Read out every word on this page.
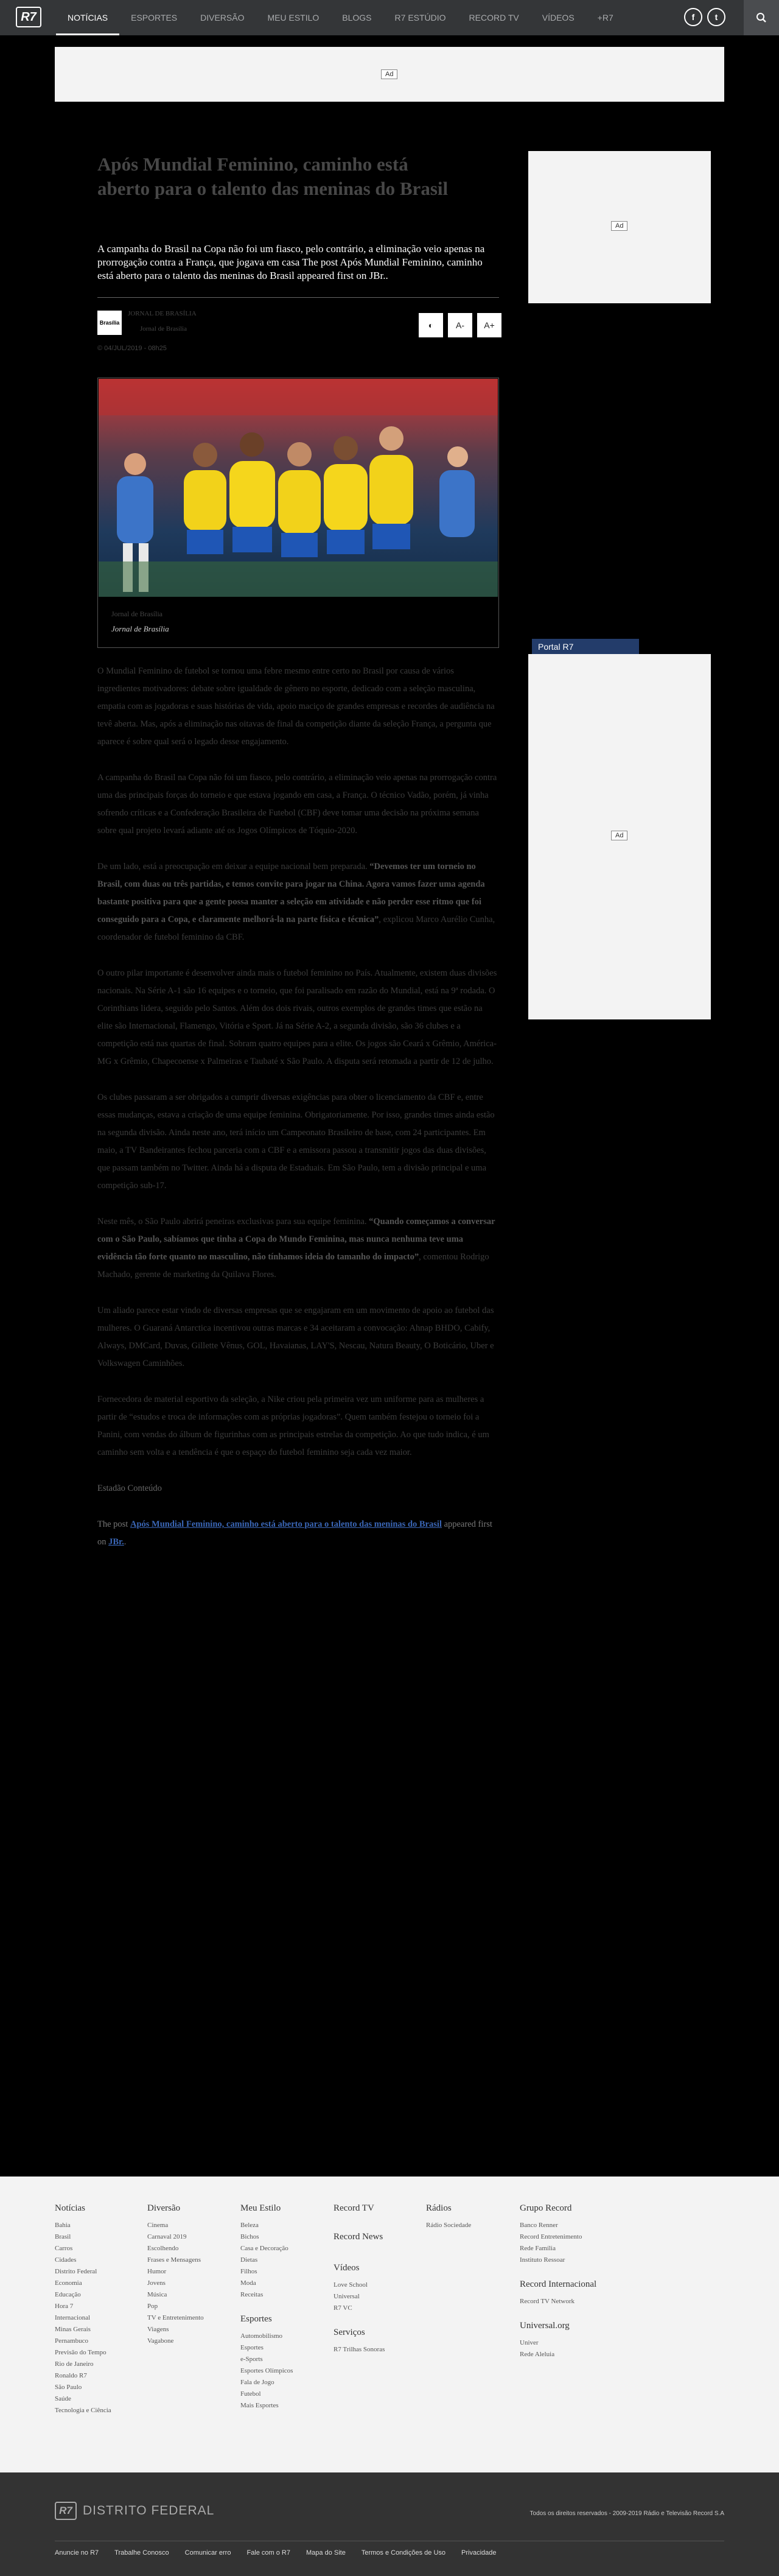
R7	NOTÍCIAS	ESPORTES	DIVERSÃO	MEU ESTILO	BLOGS	R7 ESTÚDIO	RECORD TV	VÍDEOS	+R7	f	t
Ad
Ad
Portal R7
Ad
Após Mundial Feminino, caminho está aberto para o talento das meninas do Brasil

A campanha do Brasil na Copa não foi um fiasco, pelo contrário, a eliminação veio apenas na prorrogação contra a França, que jogava em casa The post Após Mundial Feminino, caminho está aberto para o talento das meninas do Brasil appeared first on JBr..

Brasília
JORNAL DE BRASÍLIA
Jornal de Brasília
© 04/JUL/2019 - 08h25
◐	A-	A+
Jornal de Brasília
Jornal de Brasília

O Mundial Feminino de futebol se tornou uma febre mesmo entre certo no Brasil por causa de vários ingredientes motivadores: debate sobre igualdade de gênero no esporte, dedicado com a seleção masculina, empatia com as jogadoras e suas histórias de vida, apoio maciço de grandes empresas e recordes de audiência na tevê aberta. Mas, após a eliminação nas oitavas de final da competição diante da seleção França, a pergunta que aparece é sobre qual será o legado desse engajamento.

A campanha do Brasil na Copa não foi um fiasco, pelo contrário, a eliminação veio apenas na prorrogação contra uma das principais forças do torneio e que estava jogando em casa, a França. O técnico Vadão, porém, já vinha sofrendo críticas e a Confederação Brasileira de Futebol (CBF) deve tomar uma decisão na próxima semana sobre qual projeto levará adiante até os Jogos Olímpicos de Tóquio-2020.

De um lado, está a preocupação em deixar a equipe nacional bem preparada. “Devemos ter um torneio no Brasil, com duas ou três partidas, e temos convite para jogar na China. Agora vamos fazer uma agenda bastante positiva para que a gente possa manter a seleção em atividade e não perder esse ritmo que foi conseguido para a Copa, e claramente melhorá-la na parte física e técnica”, explicou Marco Aurélio Cunha, coordenador de futebol feminino da CBF.

O outro pilar importante é desenvolver ainda mais o futebol feminino no País. Atualmente, existem duas divisões nacionais. Na Série A-1 são 16 equipes e o torneio, que foi paralisado em razão do Mundial, está na 9ª rodada. O Corinthians lidera, seguido pelo Santos. Além dos dois rivais, outros exemplos de grandes times que estão na elite são Internacional, Flamengo, Vitória e Sport. Já na Série A-2, a segunda divisão, são 36 clubes e a competição está nas quartas de final. Sobram quatro equipes para a elite. Os jogos são Ceará x Grêmio, América-MG x Grêmio, Chapecoense x Palmeiras e Taubaté x São Paulo. A disputa será retomada a partir de 12 de julho.

Os clubes passaram a ser obrigados a cumprir diversas exigências para obter o licenciamento da CBF e, entre essas mudanças, estava a criação de uma equipe feminina. Obrigatoriamente. Por isso, grandes times ainda estão na segunda divisão. Ainda neste ano, terá início um Campeonato Brasileiro de base, com 24 participantes. Em maio, a TV Bandeirantes fechou parceria com a CBF e a emissora passou a transmitir jogos das duas divisões, que passam também no Twitter. Ainda há a disputa de Estaduais. Em São Paulo, tem a divisão principal e uma competição sub-17.

Neste mês, o São Paulo abrirá peneiras exclusivas para sua equipe feminina. “Quando começamos a conversar com o São Paulo, sabíamos que tinha a Copa do Mundo Feminina, mas nunca nenhuma teve uma evidência tão forte quanto no masculino, não tínhamos ideia do tamanho do impacto”, comentou Rodrigo Machado, gerente de marketing da Quilava Flores.

Um aliado parece estar vindo de diversas empresas que se engajaram em um movimento de apoio ao futebol das mulheres. O Guaraná Antarctica incentivou outras marcas e 34 aceitaram a convocação: Ahnap BHDO, Cabify, Always, DMCard, Duvas, Gillette Vênus, GOL, Havaianas, LAY'S, Nescau, Natura Beauty, O Boticário, Uber e Volkswagen Caminhões.

Fornecedora de material esportivo da seleção, a Nike criou pela primeira vez um uniforme para as mulheres a partir de “estudos e troca de informações com as próprias jogadoras”. Quem também festejou o torneio foi a Panini, com vendas do álbum de figurinhas com as principais estrelas da competição. Ao que tudo indica, é um caminho sem volta e a tendência é que o espaço do futebol feminino seja cada vez maior.

Estadão Conteúdo

The post Após Mundial Feminino, caminho está aberto para o talento das meninas do Brasil appeared first on JBr..

Notícias
Bahia
Brasil
Carros
Cidades
Distrito Federal
Economia
Educação
Hora 7
Internacional
Minas Gerais
Pernambuco
Previsão do Tempo
Rio de Janeiro
Ronaldo R7
São Paulo
Saúde
Tecnologia e Ciência
Diversão
Cinema
Carnaval 2019
Escolhendo
Frases e Mensagens
Humor
Jovens
Música
Pop
TV e Entretenimento
Viagens
Vagabone
Meu Estilo
Beleza
Bichos
Casa e Decoração
Dietas
Filhos
Moda
Receitas
Esportes
Automobilismo
Esportes
e-Sports
Esportes Olímpicos
Fala de Jogo
Futebol
Mais Esportes
Record TV
Record News
Vídeos
Love School
Universal
R7 VC
Serviços
R7 Trilhas Sonoras
Rádios
Rádio Sociedade
Grupo Record
Banco Renner
Record Entretenimento
Rede Família
Instituto Ressoar
Record Internacional
Record TV Network
Universal.org
Univer
Rede Aleluia
R7 DISTRITO FEDERAL	Todos os direitos reservados - 2009-2019 Rádio e Televisão Record S.A
Anuncie no R7 Trabalhe Conosco Comunicar erro Fale com o R7 Mapa do Site Termos e Condições de Uso Privacidade
